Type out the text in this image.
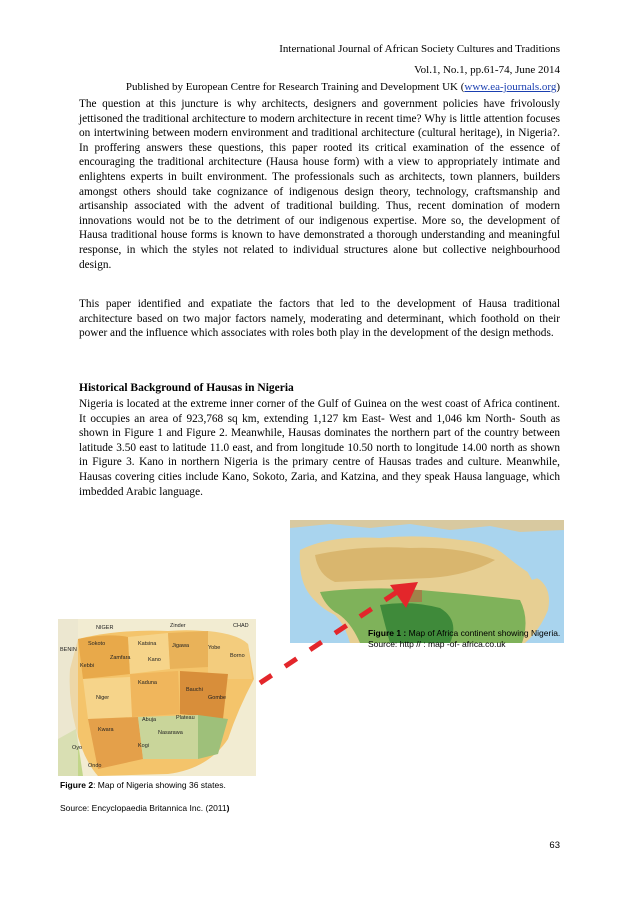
International Journal of African Society Cultures and Traditions
Vol.1, No.1, pp.61-74, June 2014
Published by European Centre for Research Training and Development UK (www.ea-journals.org)

The question at this juncture is why architects, designers and government policies have frivolously jettisoned the traditional architecture to modern architecture in recent time? Why is little attention focuses on intertwining between modern environment and traditional architecture (cultural heritage), in Nigeria?. In proffering answers these questions, this paper rooted its critical examination of the essence of encouraging the traditional architecture (Hausa house form) with a view to appropriately intimate and enlightens experts in built environment. The professionals such as architects, town planners, builders amongst others should take cognizance of indigenous design theory, technology, craftsmanship and artisanship associated with the advent of traditional building. Thus, recent domination of modern innovations would not be to the detriment of our indigenous expertise. More so, the development of Hausa traditional house forms is known to have demonstrated a thorough understanding and meaningful response, in which the styles not related to individual structures alone but collective neighbourhood design.

This paper identified and expatiate the factors that led to the development of Hausa traditional architecture based on two major factors namely, moderating and determinant, which foothold on their power and the influence which associates with roles both play in the development of the design methods.

Historical Background of Hausas in Nigeria

Nigeria is located at the extreme inner corner of the Gulf of Guinea on the west coast of Africa continent. It occupies an area of 923,768 sq km, extending 1,127 km East- West and 1,046 km North- South as shown in Figure 1 and Figure 2. Meanwhile, Hausas dominates the northern part of the country between latitude 3.50 east to latitude 11.0 east, and from longitude 10.50 north to longitude 14.00 north as shown in Figure 3. Kano in northern Nigeria is the primary centre of Hausas trades and culture. Meanwhile, Hausas covering cities include Kano, Sokoto, Zaria, and Katzina, and they speak Hausa language, which imbedded Arabic language.

Figure 1 : Map of Africa continent showing Nigeria.
Source: http // : map -of- africa.co.uk
NIGER	CHAD
BENIN
Zinder
Sokoto	Katsina
Kano
Jigawa	Yobe
Borno
Zamfara
Kebbi
Kaduna
Bauchi
Gombe
Niger
Plateau
Abuja
Nasarawa
Kwara
Kogi
Oyo
Ondo
Figure 2: Map of Nigeria showing 36 states.
Source: Encyclopaedia Britannica Inc. (2011)
63
